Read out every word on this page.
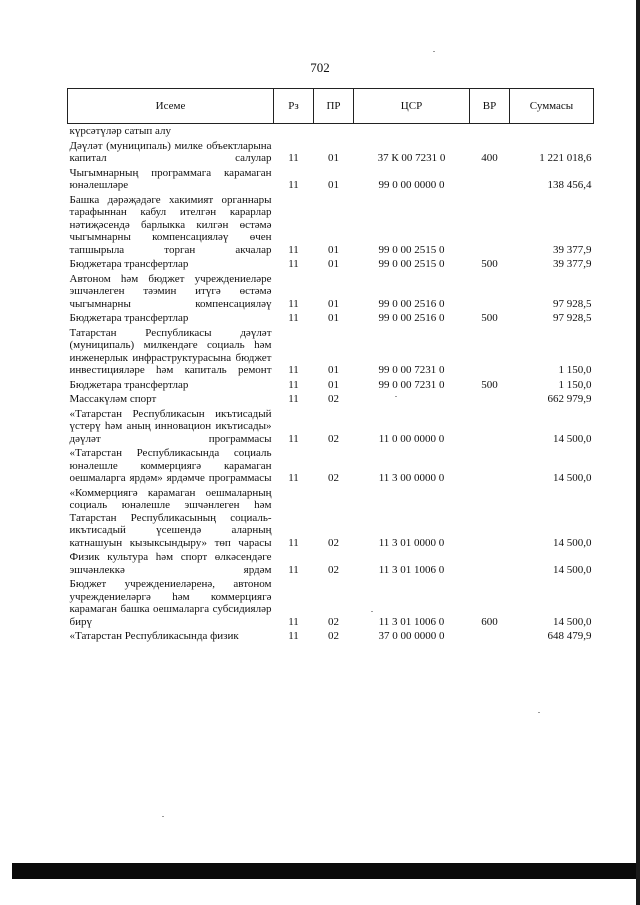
702
Исеме	Рз	ПР	ЦСР	ВР	Суммасы
күрсәтүләр сатып алу					
Дәүләт (муниципаль) милке объектларына капитал салулар	11	01	37 К 00 7231 0	400	1 221 018,6
Чыгымнарның программага карамаган юнәлешләре	11	01	99 0 00 0000 0		138 456,4
Башка дәрәҗәдәге хакимият органнары тарафыннан кабул ителгән карарлар нәтиҗәсендә барлыкка килгән өстәмә чыгымнарны компенсацияләү өчен тапшырыла торган акчалар	11	01	99 0 00 2515 0		39 377,9
Бюджетара трансфертлар	11	01	99 0 00 2515 0	500	39 377,9
Автоном һәм бюджет учреждениеләре эшчәнлеген тәэмин итүгә өстәмә чыгымнарны компенсацияләү	11	01	99 0 00 2516 0		97 928,5
Бюджетара трансфертлар	11	01	99 0 00 2516 0	500	97 928,5
Татарстан Республикасы дәүләт (муниципаль) милкендәге социаль һәм инженерлык инфраструктурасына бюджет инвестицияләре һәм капиталь ремонт	11	01	99 0 00 7231 0		1 150,0
Бюджетара трансфертлар	11	01	99 0 00 7231 0	500	1 150,0
Массакүләм спорт	11	02			662 979,9
«Татарстан Республикасын икътисадый үстерү һәм аның инновацион икътисады» дәүләт программасы	11	02	11 0 00 0000 0		14 500,0
«Татарстан Республикасында социаль юнәлешле коммерциягә карамаган оешмаларга ярдәм» ярдәмче программасы	11	02	11 3 00 0000 0		14 500,0
«Коммерциягә карамаган оешмаларның социаль юнәлешле эшчәнлеген һәм Татарстан Республикасының социаль-икътисадый үсешендә аларның катнашуын кызыксындыру» төп чарасы	11	02	11 3 01 0000 0		14 500,0
Физик культура һәм спорт өлкәсендәге эшчәнлеккә ярдәм	11	02	11 3 01 1006 0		14 500,0
Бюджет учреждениеләренә, автоном учреждениеләргә һәм коммерциягә карамаган башка оешмаларга субсидияләр бирү	11	02	11 3 01 1006 0	600	14 500,0
«Татарстан Республикасында физик	11	02	37 0 00 0000 0		648 479,9
